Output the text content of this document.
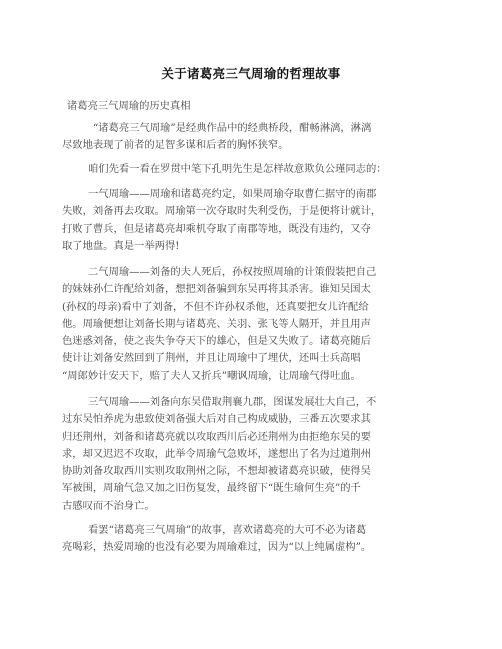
关于诸葛亮三气周瑜的哲理故事
诸葛亮三气周瑜的历史真相
“诸葛亮三气周瑜”是经典作品中的经典桥段，酣畅淋漓，淋漓
尽致地表现了前者的足智多谋和后者的胸怀狭窄。
咱们先看一看在罗贯中笔下孔明先生是怎样故意欺负公瑾同志的：
一气周瑜——周瑜和诸葛亮约定，如果周瑜夺取曹仁据守的南郡
失败，刘备再去攻取。周瑜第一次夺取时失利受伤，于是便将计就计，
打败了曹兵，但是诸葛亮却乘机夺取了南郡等地，既没有违约，又夺
取了地盘。真是一举两得!
二气周瑜——刘备的夫人死后，孙权按照周瑜的计策假装把自己
的妹妹孙仁许配给刘备，想把刘备骗到东吴再将其杀害。谁知吴国太
(孙权的母亲)看中了刘备，不但不许孙权杀他，还真要把女儿许配给
他。周瑜便想让刘备长期与诸葛亮、关羽、张飞等人隔开，并且用声
色迷惑刘备，使之丧失争夺天下的雄心，但是又失败了。诸葛亮随后
使计让刘备安然回到了荆州，并且让周瑜中了埋伏，还叫士兵高唱
“周郎妙计安天下，赔了夫人又折兵”嘲讽周瑜，让周瑜气得吐血。
三气周瑜——刘备向东吴借取荆襄九郡，图谋发展壮大自己，不
过东吴怕养虎为患致使刘备强大后对自己构成威胁，三番五次要求其
归还荆州，刘备和诸葛亮就以攻取西川后必还荆州为由拒绝东吴的要
求，却又迟迟不攻取，此举令周瑜气急败坏，遂想出了名为过道荆州
协助刘备攻取西川实则攻取荆州之际，不想却被诸葛亮识破，使得吴
军被围，周瑜气急又加之旧伤复发，最终留下“既生瑜何生亮”的千
古感叹而不治身亡。
看罢“诸葛亮三气周瑜”的故事，喜欢诸葛亮的大可不必为诸葛
亮喝彩，热爱周瑜的也没有必要为周瑜难过，因为“以上纯属虚构”。
